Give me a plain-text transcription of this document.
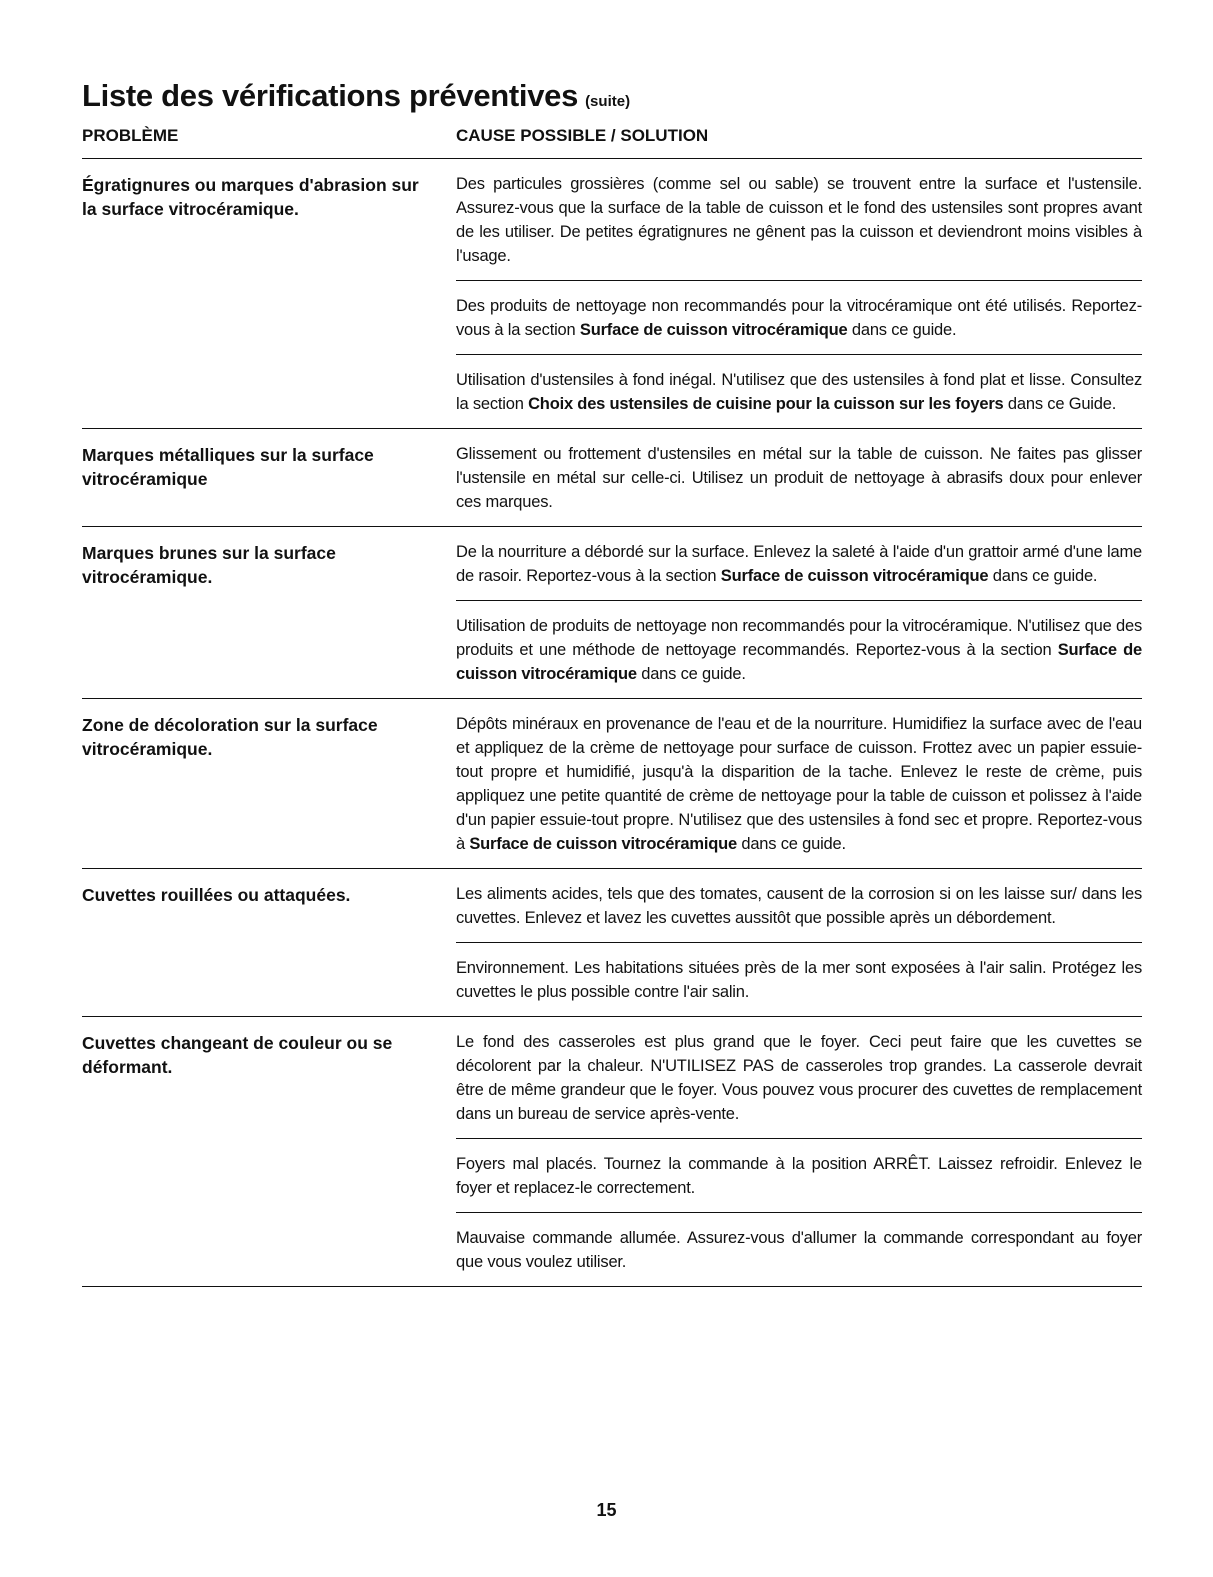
Liste des vérifications préventives (suite)
PROBLÈME	CAUSE POSSIBLE / SOLUTION
Égratignures ou marques d'abrasion sur la surface vitrocéramique.
Des particules grossières (comme sel ou sable) se trouvent entre la surface et l'ustensile. Assurez-vous que la surface de la table de cuisson et le fond des ustensiles sont propres avant de les utiliser. De petites égratignures ne gênent pas la cuisson et deviendront moins visibles à l'usage.
Des produits de nettoyage non recommandés pour la vitrocéramique ont été utilisés. Reportez-vous à la section Surface de cuisson vitrocéramique dans ce guide.
Utilisation d'ustensiles à fond inégal. N'utilisez que des ustensiles à fond plat et lisse. Consultez la section Choix des ustensiles de cuisine pour la cuisson sur les foyers dans ce Guide.
Marques métalliques sur la surface vitrocéramique
Glissement ou frottement d'ustensiles en métal sur la table de cuisson. Ne faites pas glisser l'ustensile en métal sur celle-ci. Utilisez un produit de nettoyage à abrasifs doux pour enlever ces marques.
Marques brunes sur la surface vitrocéramique.
De la nourriture a débordé sur la surface. Enlevez la saleté à l'aide d'un grattoir armé d'une lame de rasoir. Reportez-vous à la section Surface de cuisson vitrocéramique dans ce guide.
Utilisation de produits de nettoyage non recommandés pour la vitrocéramique. N'utilisez que des produits et une méthode de nettoyage recommandés. Reportez-vous à la section Surface de cuisson vitrocéramique dans ce guide.
Zone de décoloration sur la surface vitrocéramique.
Dépôts minéraux en provenance de l'eau et de la nourriture. Humidifiez la surface avec de l'eau et appliquez de la crème de nettoyage pour surface de cuisson. Frottez avec un papier essuie-tout propre et humidifié, jusqu'à la disparition de la tache. Enlevez le reste de crème, puis appliquez une petite quantité de crème de nettoyage pour la table de cuisson et polissez à l'aide d'un papier essuie-tout propre. N'utilisez que des ustensiles à fond sec et propre. Reportez-vous à Surface de cuisson vitrocéramique dans ce guide.
Cuvettes rouillées ou attaquées.	Les aliments acides, tels que des tomates, causent de la corrosion si on les laisse sur/ dans les cuvettes. Enlevez et lavez les cuvettes aussitôt que possible après un débordement.
Environnement. Les habitations situées près de la mer sont exposées à l'air salin. Protégez les cuvettes le plus possible contre l'air salin.
Cuvettes changeant de couleur ou se déformant.
Le fond des casseroles est plus grand que le foyer. Ceci peut faire que les cuvettes se décolorent par la chaleur. N'UTILISEZ PAS de casseroles trop grandes. La casserole devrait être de même grandeur que le foyer. Vous pouvez vous procurer des cuvettes de remplacement dans un bureau de service après-vente.
Foyers mal placés. Tournez la commande à la position ARRÊT. Laissez refroidir. Enlevez le foyer et replacez-le correctement.
Mauvaise commande allumée. Assurez-vous d'allumer la commande correspondant au foyer que vous voulez utiliser.
15
